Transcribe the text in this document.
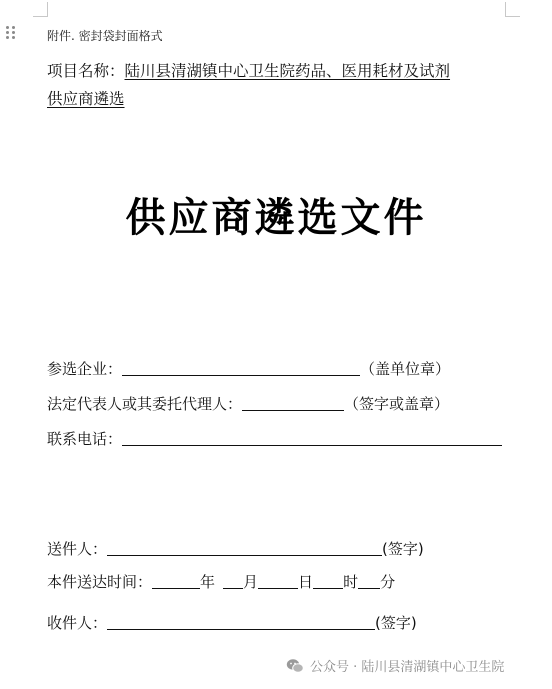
附件. 密封袋封面格式
项目名称：陆川县清湖镇中心卫生院药品、医用耗材及试剂
供应商遴选
供应商遴选文件
参选企业：	（盖单位章）
法定代表人或其委托代理人：	（签字或盖章）
联系电话：
送件人：	(签字)
本件送达时间：	年 月	日 时 分
收件人：	(签字)
公众号 · 陆川县清湖镇中心卫生院
